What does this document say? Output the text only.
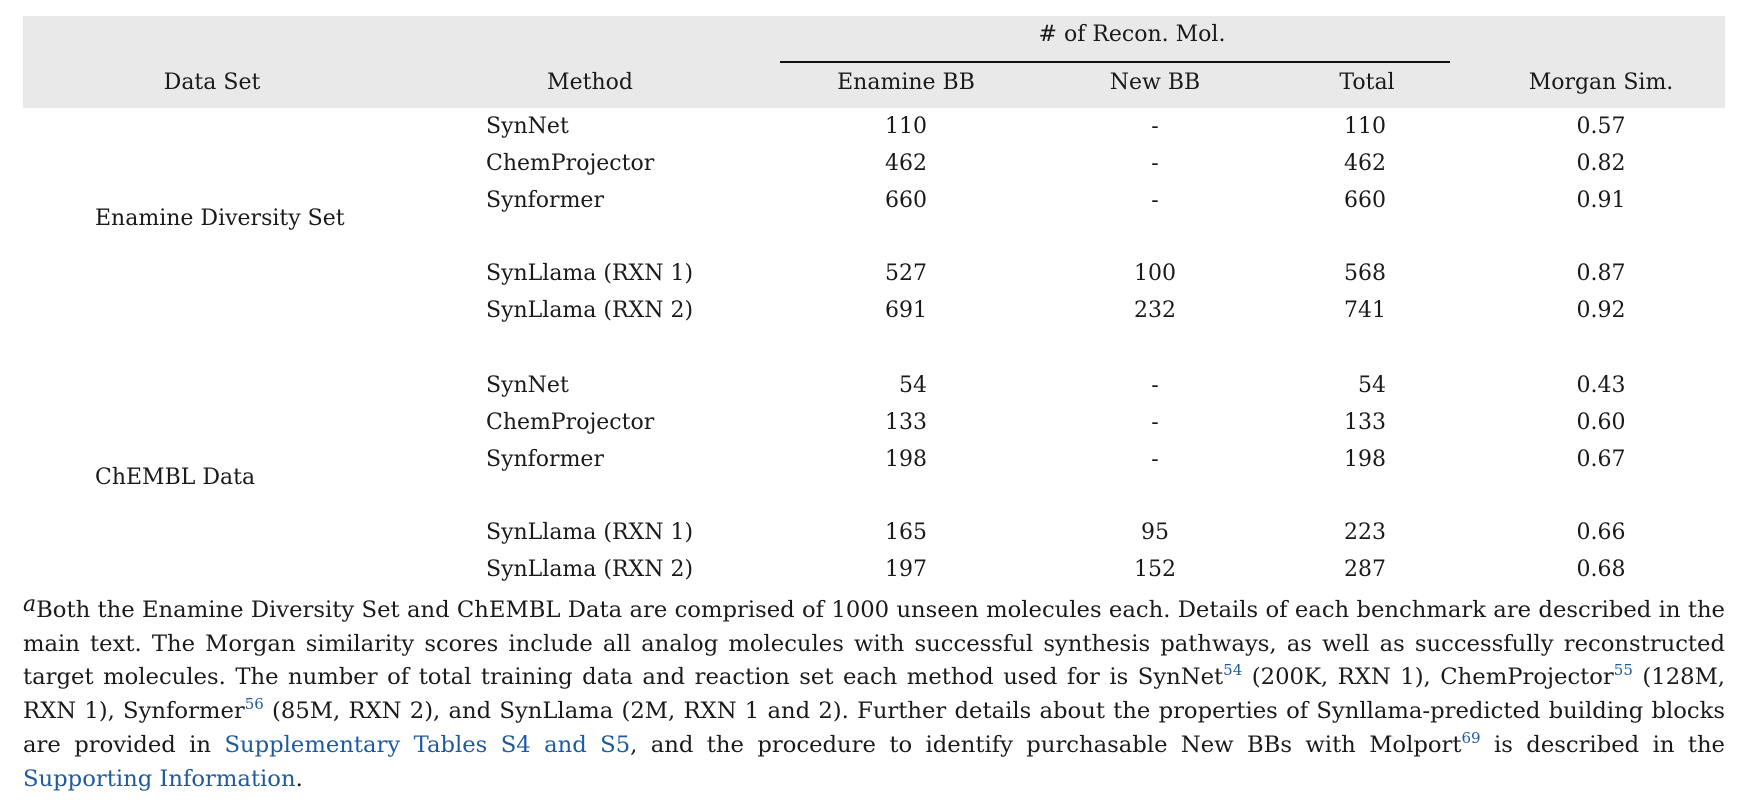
# of Recon. Mol.
Data Set	Method	Enamine BB	New BB	Total	Morgan Sim.
Enamine Diversity Set
SynNet	110	-	110	0.57
ChemProjector	462	-	462	0.82
Synformer	660	-	660	0.91
SynLlama (RXN 1)	527	100	568	0.87
SynLlama (RXN 2)	691	232	741	0.92
ChEMBL Data
SynNet	54	-	54	0.43
ChemProjector	133	-	133	0.60
Synformer	198	-	198	0.67
SynLlama (RXN 1)	165	95	223	0.66
SynLlama (RXN 2)	197	152	287	0.68
$^a$Both the Enamine Diversity Set and ChEMBL Data are comprised of 1000 unseen molecules each. Details of each benchmark are described in the main text. The Morgan similarity scores include all analog molecules with successful synthesis pathways, as well as successfully reconstructed target molecules. The number of total training data and reaction set each method used for is SynNet$^{54}$ (200K, RXN 1), ChemProjector$^{55}$ (128M, RXN 1), Synformer$^{56}$ (85M, RXN 2), and SynLlama (2M, RXN 1 and 2). Further details about the properties of Synllama-predicted building blocks are provided in Supplementary Tables S4 and S5, and the procedure to identify purchasable New BBs with Molport$^{69}$ is described in the Supporting Information.
